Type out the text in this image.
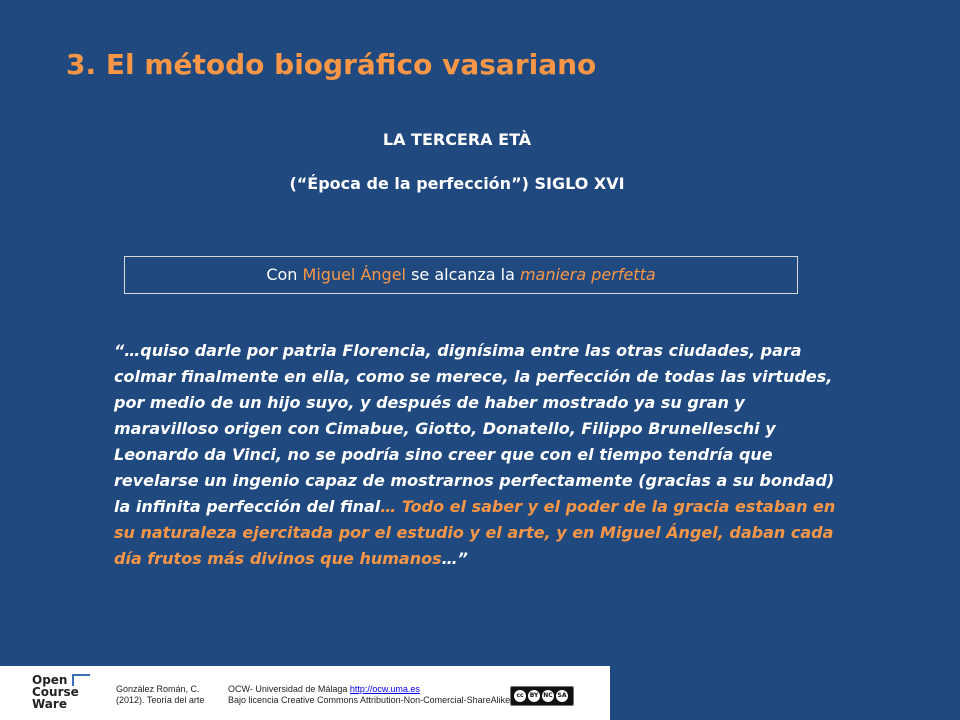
3. El método biográfico vasariano
LA TERCERA ETÀ
(“Época de la perfección”) SIGLO XVI
Con Miguel Ángel se alcanza la maniera perfetta

“…quiso darle por patria Florencia, dignísima entre las otras ciudades, para colmar finalmente en ella, como se merece, la perfección de todas las virtudes, por medio de un hijo suyo, y después de haber mostrado ya su gran y maravilloso origen con Cimabue, Giotto, Donatello, Filippo Brunelleschi y Leonardo da Vinci, no se podría sino creer que con el tiempo tendría que revelarse un ingenio capaz de mostrarnos perfectamente (gracias a su bondad) la infinita perfección del final… Todo el saber y el poder de la gracia estaban en su naturaleza ejercitada por el estudio y el arte, y en Miguel Ángel, daban cada día frutos más divinos que humanos…”

Open
Course
Ware
González Román, C.
(2012). Teoría del arte
OCW- Universidad de Málaga http://ocw.uma.es
Bajo licencia Creative Commons Attribution-Non-Comercial-ShareAlike	cc	BY NC SA
